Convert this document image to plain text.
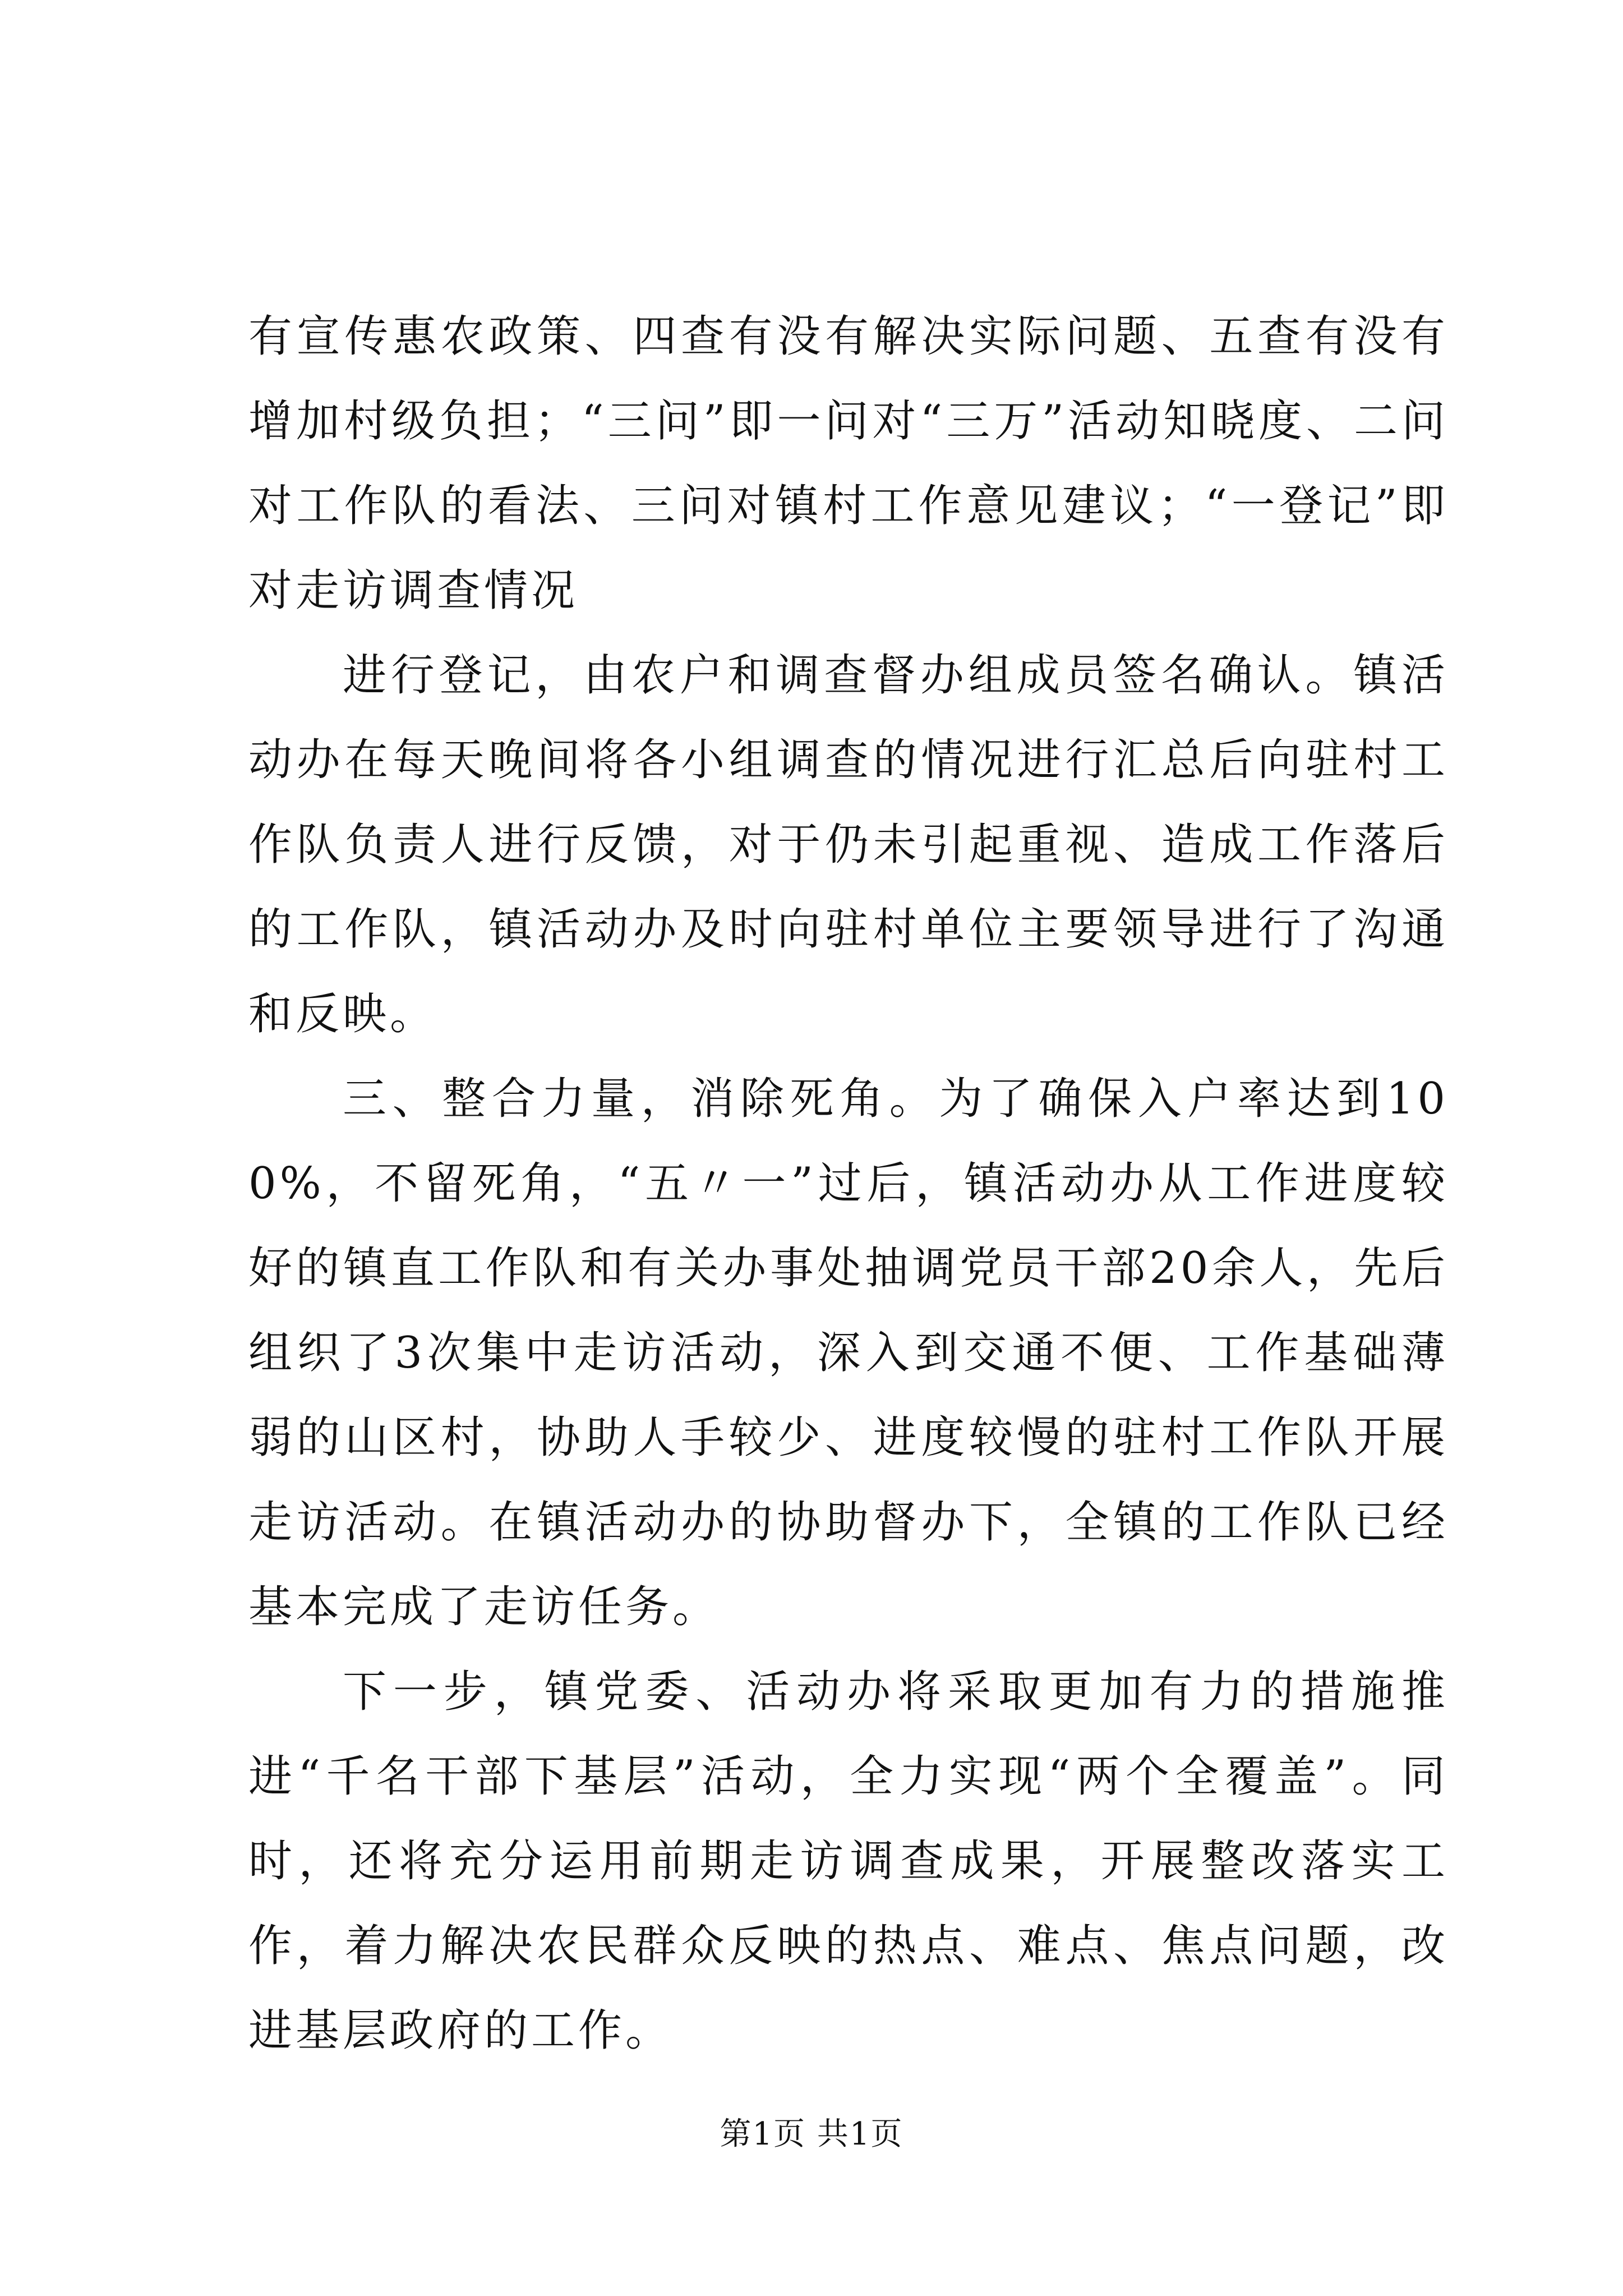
有宣传惠农政策、四查有没有解决实际问题、五查有没有增加村级负担；“三问”即一问对“三万”活动知晓度、二问对工作队的看法、三问对镇村工作意见建议；“一登记”即对走访调查情况

进行登记，由农户和调查督办组成员签名确认。镇活动办在每天晚间将各小组调查的情况进行汇总后向驻村工作队负责人进行反馈，对于仍未引起重视、造成工作落后的工作队，镇活动办及时向驻村单位主要领导进行了沟通和反映。

三、整合力量，消除死角。为了确保入户率达到100%，不留死角，“五〃一”过后，镇活动办从工作进度较好的镇直工作队和有关办事处抽调党员干部20余人，先后组织了3次集中走访活动，深入到交通不便、工作基础薄弱的山区村，协助人手较少、进度较慢的驻村工作队开展走访活动。在镇活动办的协助督办下，全镇的工作队已经基本完成了走访任务。

下一步，镇党委、活动办将采取更加有力的措施推进“千名干部下基层”活动，全力实现“两个全覆盖”。同时，还将充分运用前期走访调查成果，开展整改落实工作，着力解决农民群众反映的热点、难点、焦点问题，改进基层政府的工作。

第1页 共1页
